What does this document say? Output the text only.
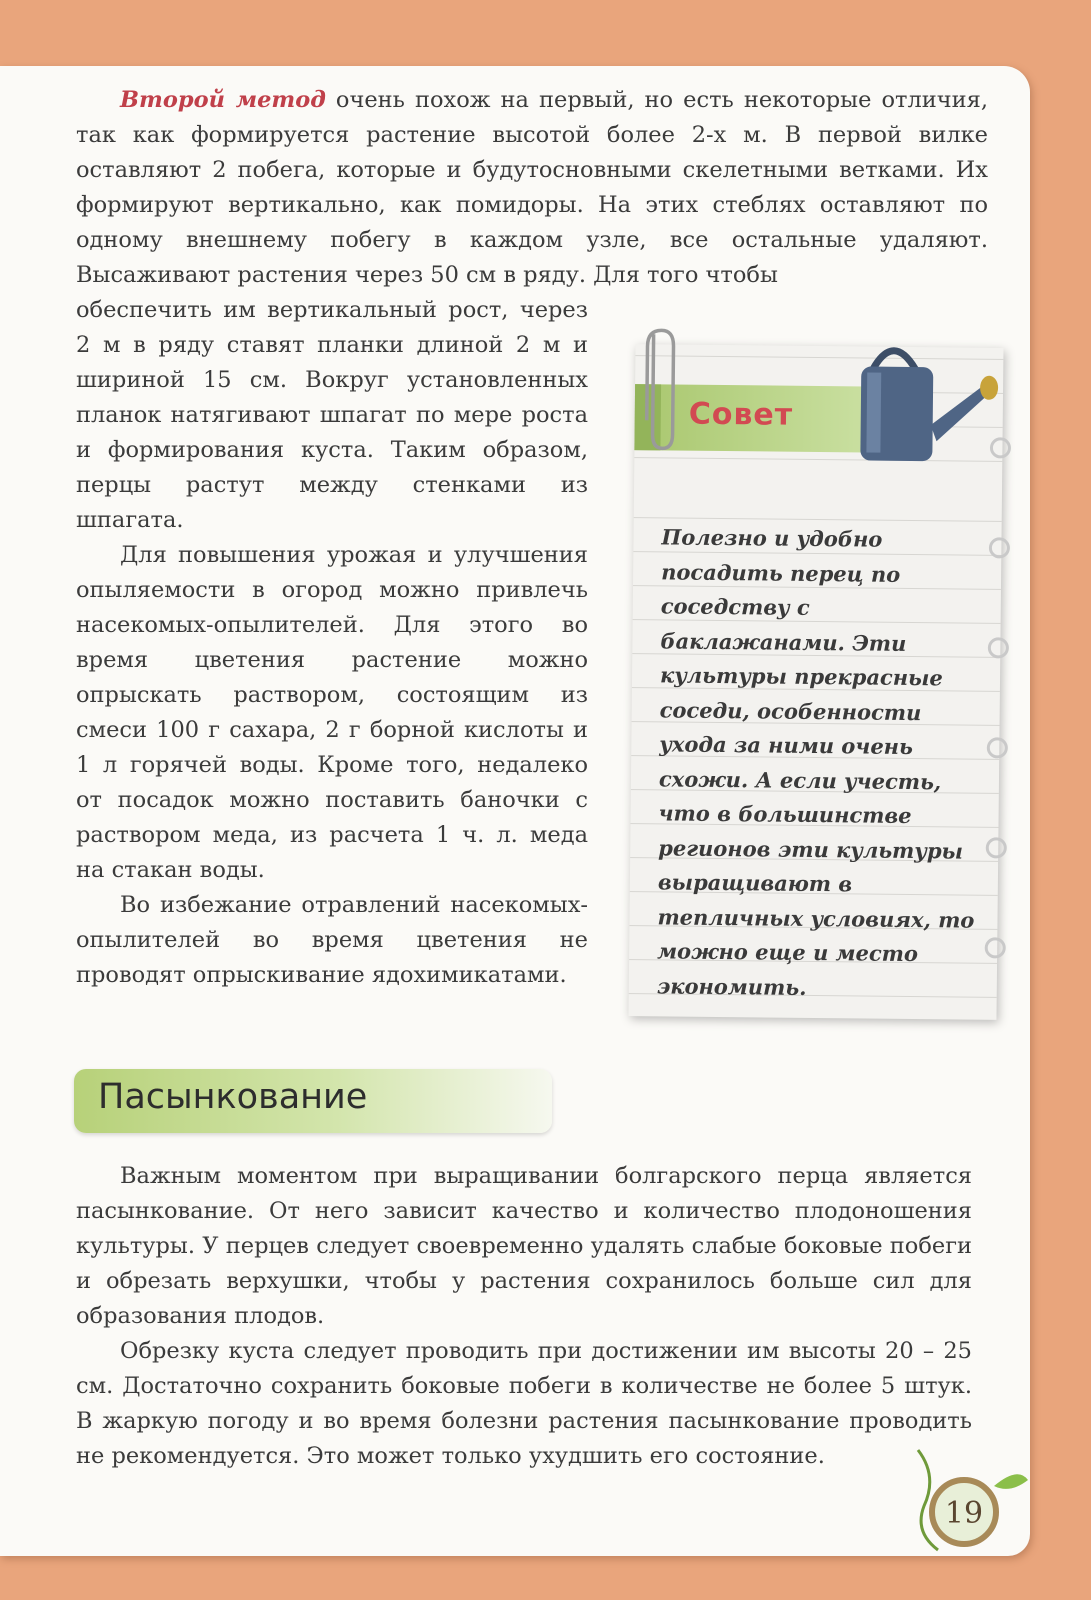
Второй метод очень похож на первый, но есть некоторые отличия, так как формируется растение высотой более 2-х м. В первой вилке оставляют 2 побега, которые и будутосновными скелетными ветками. Их формируют вертикально, как помидоры. На этих стеблях оставляют по одному внешнему побегу в каждом узле, все остальные удаляют. Высаживают растения через 50 см в ряду. Для того чтобы

обеспечить им вертикальный рост, через 2 м в ряду ставят планки длиной 2 м и шириной 15 см. Вокруг установленных планок натягивают шпагат по мере роста и формирования куста. Таким образом, перцы растут между стенками из шпагата.

Для повышения урожая и улучшения опыляемости в огород можно привлечь насекомых-опылителей. Для этого во время цветения растение можно опрыскать раствором, состоящим из смеси 100 г сахара, 2 г борной кислоты и 1 л горячей воды. Кроме того, недалеко от посадок можно поставить баночки с раствором меда, из расчета 1 ч. л. меда на стакан воды.

Во избежание отравлений насекомых-опылителей во время цветения не проводят опрыскивание ядохимикатами.

Совет
Полезно и удобно посадить перец по соседству с баклажанами. Эти культуры прекрасные соседи, особенности ухода за ними очень схожи. А если учесть, что в большинстве регионов эти культуры выращивают в тепличных условиях, то можно еще и место экономить.
Пасынкование

Важным моментом при выращивании болгарского перца является пасынкование. От него зависит качество и количество плодоношения культуры. У перцев следует своевременно удалять слабые боковые побеги и обрезать верхушки, чтобы у растения сохранилось больше сил для образования плодов.

Обрезку куста следует проводить при достижении им высоты 20 – 25 см. Достаточно сохранить боковые побеги в количестве не более 5 штук. В жаркую погоду и во время болезни растения пасынкование проводить не рекомендуется. Это может только ухудшить его состояние.

19
